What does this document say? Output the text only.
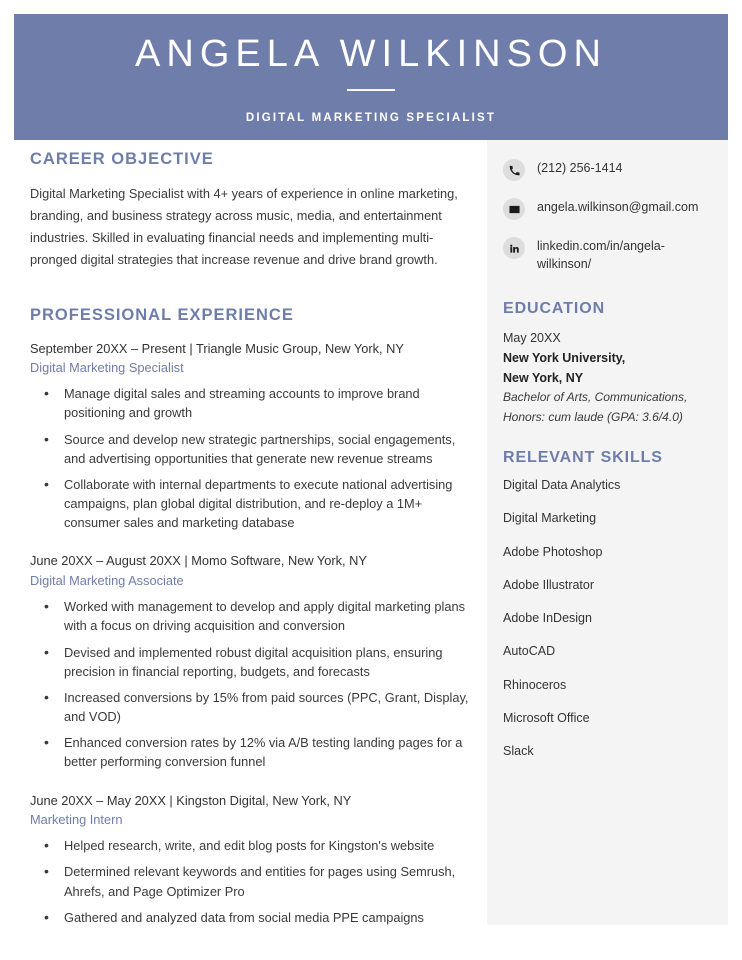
ANGELA WILKINSON
DIGITAL MARKETING SPECIALIST
(212) 256-1414
angela.wilkinson@gmail.com
linkedin.com/in/angela-wilkinson/
EDUCATION
May 20XX
New York University,
New York, NY
Bachelor of Arts, Communications,
Honors: cum laude (GPA: 3.6/4.0)
RELEVANT SKILLS
Digital Data Analytics
Digital Marketing
Adobe Photoshop
Adobe Illustrator
Adobe InDesign
AutoCAD
Rhinoceros
Microsoft Office
Slack
CAREER OBJECTIVE

Digital Marketing Specialist with 4+ years of experience in online marketing, branding, and business strategy across music, media, and entertainment industries. Skilled in evaluating financial needs and implementing multi-pronged digital strategies that increase revenue and drive brand growth.

PROFESSIONAL EXPERIENCE
September 20XX – Present | Triangle Music Group, New York, NY
Digital Marketing Specialist
• Manage digital sales and streaming accounts to improve brand positioning and growth
• Source and develop new strategic partnerships, social engagements, and advertising opportunities that generate new revenue streams
• Collaborate with internal departments to execute national advertising campaigns, plan global digital distribution, and re-deploy a 1M+ consumer sales and marketing database
June 20XX – August 20XX | Momo Software, New York, NY
Digital Marketing Associate
• Worked with management to develop and apply digital marketing plans with a focus on driving acquisition and conversion
• Devised and implemented robust digital acquisition plans, ensuring precision in financial reporting, budgets, and forecasts
• Increased conversions by 15% from paid sources (PPC, Grant, Display, and VOD)
• Enhanced conversion rates by 12% via A/B testing landing pages for a better performing conversion funnel
June 20XX – May 20XX | Kingston Digital, New York, NY
Marketing Intern
• Helped research, write, and edit blog posts for Kingston's website
• Determined relevant keywords and entities for pages using Semrush, Ahrefs, and Page Optimizer Pro
• Gathered and analyzed data from social media PPE campaigns
